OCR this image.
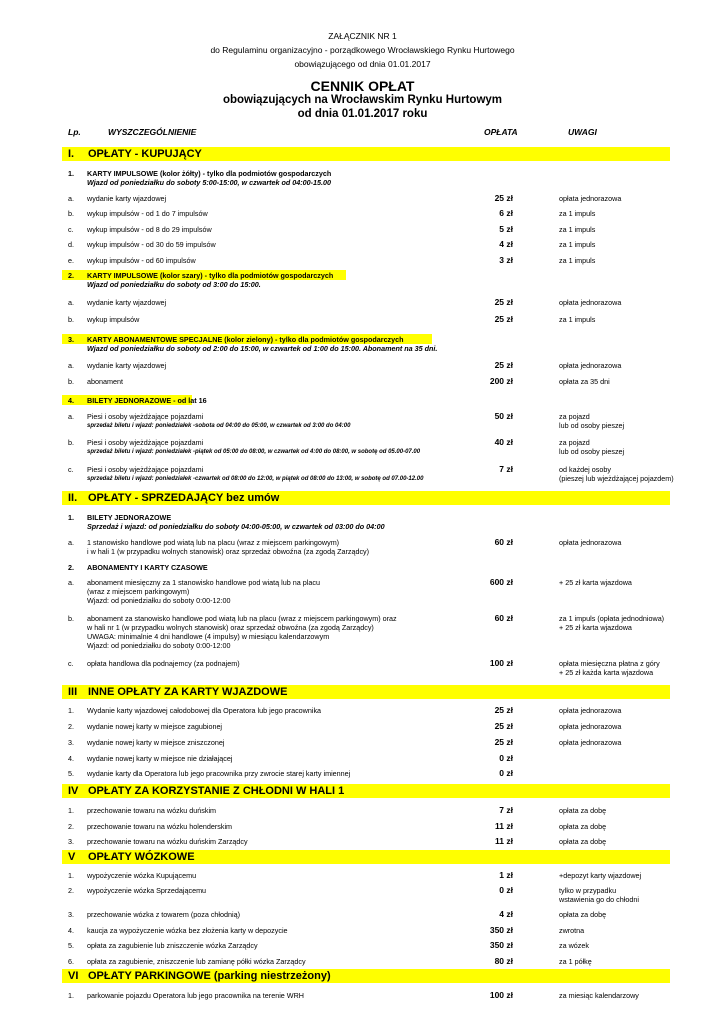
ZAŁĄCZNIK NR 1
do Regulaminu organizacyjno - porządkowego Wrocławskiego Rynku Hurtowego
obowiązującego od dnia 01.01.2017
CENNIK OPŁAT
obowiązujących na Wrocławskim Rynku Hurtowym
od dnia 01.01.2017 roku
Lp.	WYSZCZEGÓLNIENIE	OPŁATA	UWAGI
I. OPŁATY - KUPUJĄCY
1. KARTY IMPULSOWE (kolor żółty) - tylko dla podmiotów gospodarczych
Wjazd od poniedziałku do soboty 5:00-15:00, w czwartek od 04:00-15.00
a. wydanie karty wjazdowej	25 zł	opłata jednorazowa
b. wykup impulsów - od 1 do 7 impulsów	6 zł	za 1 impuls
c. wykup impulsów - od 8 do 29 impulsów	5 zł	za 1 impuls
d. wykup impulsów - od 30 do 59 impulsów	4 zł	za 1 impuls
e. wykup impulsów - od 60 impulsów	3 zł	za 1 impuls
2. KARTY IMPULSOWE (kolor szary) - tylko dla podmiotów gospodarczych
Wjazd od poniedziałku do soboty od 3:00 do 15:00.
a. wydanie karty wjazdowej	25 zł	opłata jednorazowa
b. wykup impulsów	25 zł	za 1 impuls
3. KARTY ABONAMENTOWE SPECJALNE (kolor zielony) - tylko dla podmiotów gospodarczych
Wjazd od poniedziałku do soboty od 2:00 do 15:00, w czwartek od 1:00 do 15:00. Abonament na 35 dni.
a. wydanie karty wjazdowej	25 zł	opłata jednorazowa
b. abonament	200 zł	opłata za 35 dni
4. BILETY JEDNORAZOWE - od lat 16
a. Piesi i osoby wjeżdżające pojazdami	50 zł	za pojazd
lub od osoby pieszej
sprzedaż biletu i wjazd: poniedziałek -sobota od 04:00 do 05:00, w czwartek od 3:00 do 04:00
b. Piesi i osoby wjeżdżające pojazdami	40 zł	za pojazd
lub od osoby pieszej
sprzedaż biletu i wjazd: poniedziałek -piątek od 05:00 do 08:00, w czwartek od 4:00 do 08:00, w sobotę od 05.00-07.00
c. Piesi i osoby wjeżdżające pojazdami	7 zł	od każdej osoby
(pieszej lub wjeżdżającej pojazdem)
sprzedaż biletu i wjazd: poniedziałek -czwartek od 08:00 do 12:00, w piątek od 08:00 do 13:00, w sobotę od 07.00-12.00
II. OPŁATY - SPRZEDAJĄCY bez umów
1. BILETY JEDNORAZOWE
Sprzedaż i wjazd: od poniedziałku do soboty 04:00-05:00, w czwartek od 03:00 do 04:00
a. 1 stanowisko handlowe pod wiatą lub na placu (wraz z miejscem parkingowym)
i w hali 1 (w przypadku wolnych stanowisk) oraz sprzedaż obwoźna (za zgodą Zarządcy)
60 zł	opłata jednorazowa
2. ABONAMENTY I KARTY CZASOWE
a. abonament miesięczny za 1 stanowisko handlowe pod wiatą lub na placu
(wraz z miejscem parkingowym)
Wjazd: od poniedziałku do soboty 0:00-12:00
600 zł	+ 25 zł karta wjazdowa
b. abonament za stanowisko handlowe pod wiatą lub na placu (wraz z miejscem parkingowym) oraz
w hali nr 1 (w przypadku wolnych stanowisk) oraz sprzedaż obwoźna (za zgodą Zarządcy)
UWAGA: minimalnie 4 dni handlowe (4 impulsy) w miesiącu kalendarzowym
Wjazd: od poniedziałku do soboty 0:00-12:00
60 zł	za 1 impuls (opłata jednodniowa)
+ 25 zł karta wjazdowa
c. opłata handlowa dla podnajemcy (za podnajem)	100 zł	opłata miesięczna płatna z góry
+ 25 zł każda karta wjazdowa
III INNE OPŁATY ZA KARTY WJAZDOWE
1. Wydanie karty wjazdowej całodobowej dla Operatora lub jego pracownika	25 zł	opłata jednorazowa
2. wydanie nowej karty w miejsce zagubionej	25 zł	opłata jednorazowa
3. wydanie nowej karty w miejsce zniszczonej	25 zł	opłata jednorazowa
4. wydanie nowej karty w miejsce nie działającej	0 zł
5. wydanie karty dla Operatora lub jego pracownika przy zwrocie starej karty imiennej	0 zł
IV OPŁATY ZA KORZYSTANIE Z CHŁODNI W HALI 1
1. przechowanie towaru na wózku duńskim	7 zł	opłata za dobę
2. przechowanie towaru na wózku holenderskim	11 zł	opłata za dobę
3. przechowanie towaru na wózku duńskim Zarządcy	11 zł	opłata za dobę
V OPŁATY WÓZKOWE
1. wypożyczenie wózka Kupującemu	1 zł	+depozyt karty wjazdowej
2. wypożyczenie wózka Sprzedającemu	0 zł	tylko w przypadku
wstawienia go do chłodni
3. przechowanie wózka z towarem (poza chłodnią)	4 zł	opłata za dobę
4. kaucja za wypożyczenie wózka bez złożenia karty w depozycie	350 zł	zwrotna
5. opłata za zagubienie lub zniszczenie wózka Zarządcy	350 zł	za wózek
6. opłata za zagubienie, zniszczenie lub zamianę półki wózka Zarządcy	80 zł	za 1 półkę
VI OPŁATY PARKINGOWE (parking niestrzeżony)
1. parkowanie pojazdu Operatora lub jego pracownika na terenie WRH	100 zł	za miesiąc kalendarzowy
